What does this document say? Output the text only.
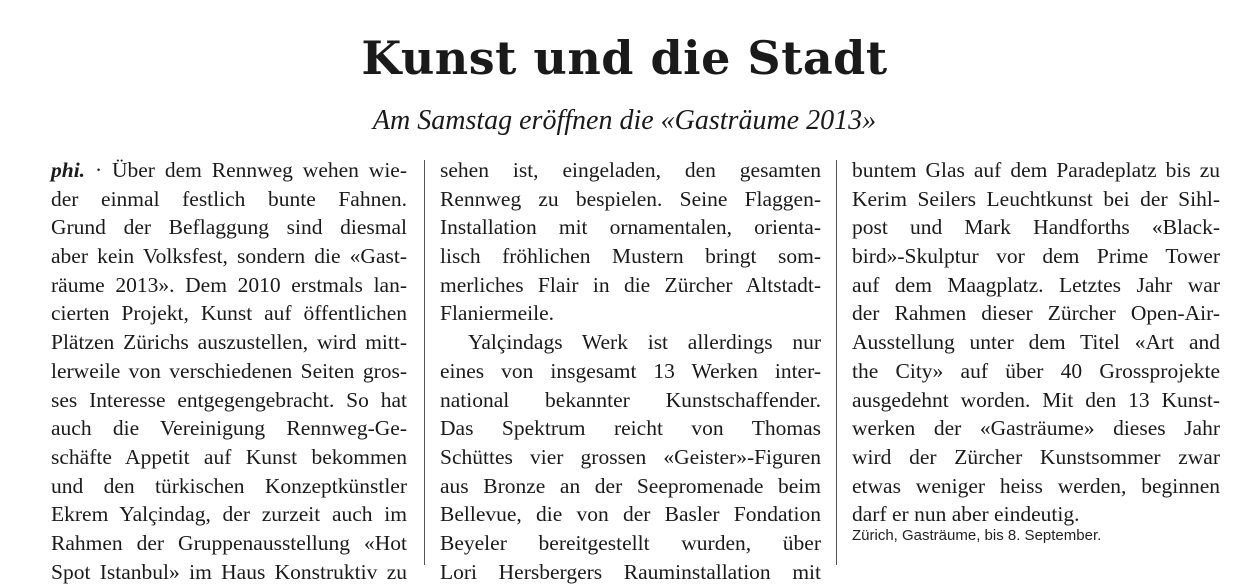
Kunst und die Stadt
Am Samstag eröffnen die «Gasträume 2013»
phi. · Über dem Rennweg wehen wie-
der einmal festlich bunte Fahnen.
Grund der Beflaggung sind diesmal
aber kein Volksfest, sondern die «Gast-
räume 2013». Dem 2010 erstmals lan-
cierten Projekt, Kunst auf öffentlichen
Plätzen Zürichs auszustellen, wird mitt-
lerweile von verschiedenen Seiten gros-
ses Interesse entgegengebracht. So hat
auch die Vereinigung Rennweg-Ge-
schäfte Appetit auf Kunst bekommen
und den türkischen Konzeptkünstler
Ekrem Yalçindag, der zurzeit auch im
Rahmen der Gruppenausstellung «Hot
Spot Istanbul» im Haus Konstruktiv zu
sehen ist, eingeladen, den gesamten
Rennweg zu bespielen. Seine Flaggen-
Installation mit ornamentalen, orienta-
lisch fröhlichen Mustern bringt som-
merliches Flair in die Zürcher Altstadt-
Flaniermeile.
Yalçindags Werk ist allerdings nur
eines von insgesamt 13 Werken inter-
national bekannter Kunstschaffender.
Das Spektrum reicht von Thomas
Schüttes vier grossen «Geister»-Figuren
aus Bronze an der Seepromenade beim
Bellevue, die von der Basler Fondation
Beyeler bereitgestellt wurden, über
Lori Hersbergers Rauminstallation mit
buntem Glas auf dem Paradeplatz bis zu
Kerim Seilers Leuchtkunst bei der Sihl-
post und Mark Handforths «Black-
bird»-Skulptur vor dem Prime Tower
auf dem Maagplatz. Letztes Jahr war
der Rahmen dieser Zürcher Open-Air-
Ausstellung unter dem Titel «Art and
the City» auf über 40 Grossprojekte
ausgedehnt worden. Mit den 13 Kunst-
werken der «Gasträume» dieses Jahr
wird der Zürcher Kunstsommer zwar
etwas weniger heiss werden, beginnen
darf er nun aber eindeutig.
Zürich, Gasträume, bis 8. September.
